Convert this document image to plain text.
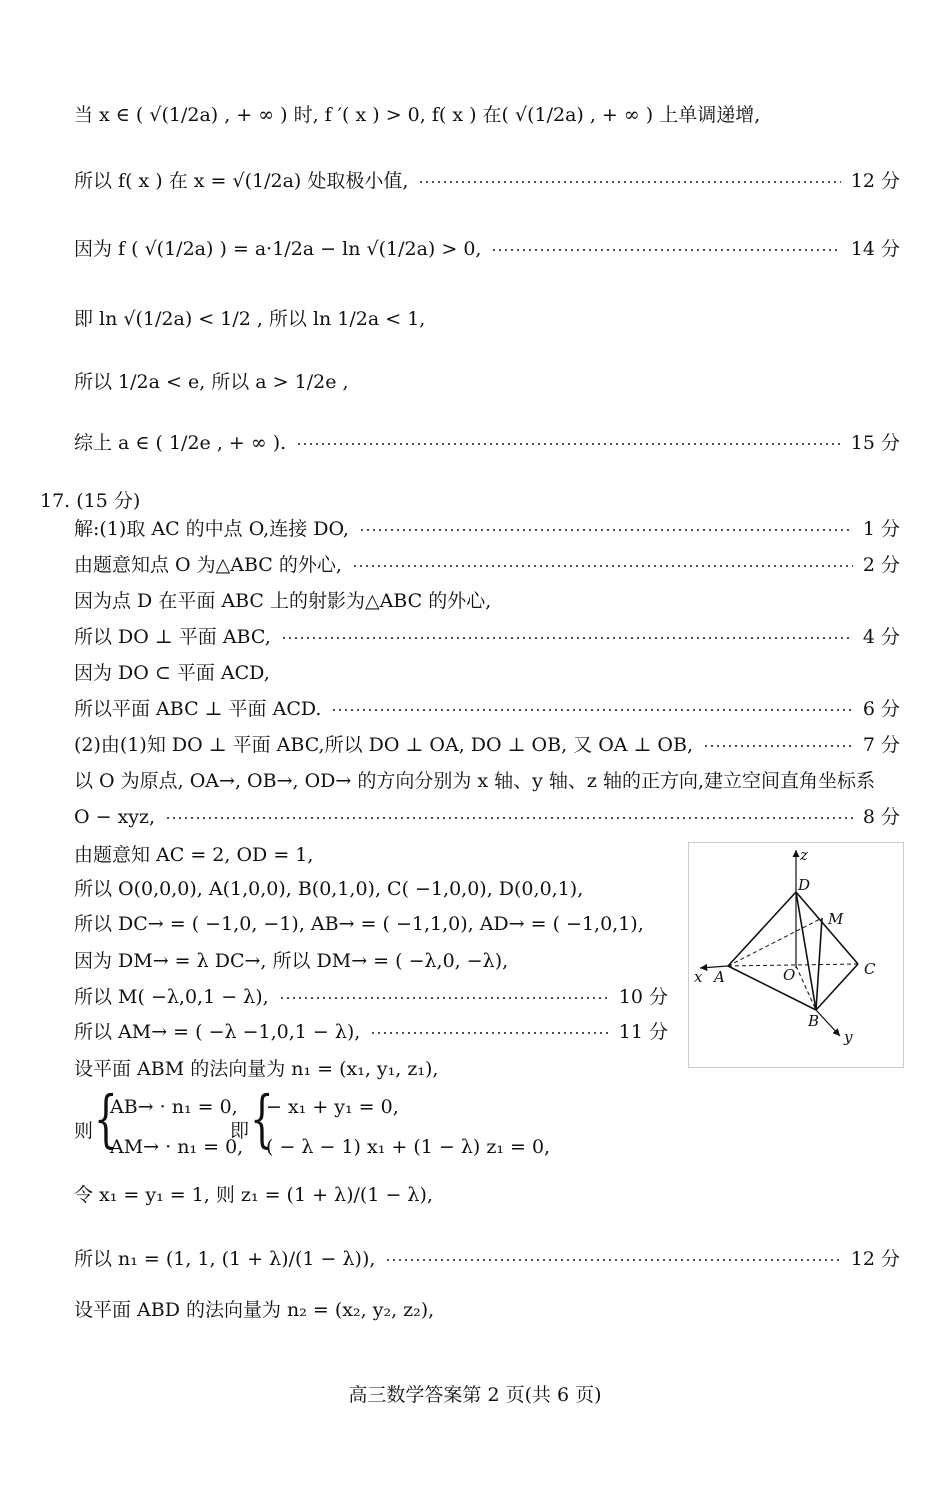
当 x ∈ ( √(1/2a) , + ∞ ) 时, f ′( x ) > 0, f( x ) 在( √(1/2a) , + ∞ ) 上单调递增,
所以 f( x ) 在 x = √(1/2a) 处取极小值,	12 分
因为 f ( √(1/2a) ) = a·1/2a − ln √(1/2a) > 0,	14 分
即 ln √(1/2a) < 1/2 , 所以 ln 1/2a < 1,
所以 1/2a < e, 所以 a > 1/2e ,
综上 a ∈ ( 1/2e , + ∞ ).	15 分
17. (15 分)
解:(1)取 AC 的中点 O,连接 DO,	1 分
由题意知点 O 为△ABC 的外心,	2 分
因为点 D 在平面 ABC 上的射影为△ABC 的外心,
所以 DO ⊥ 平面 ABC,	4 分
因为 DO ⊂ 平面 ACD,
所以平面 ABC ⊥ 平面 ACD.	6 分
(2)由(1)知 DO ⊥ 平面 ABC,所以 DO ⊥ OA, DO ⊥ OB, 又 OA ⊥ OB,	7 分
以 O 为原点, OA→, OB→, OD→ 的方向分别为 x 轴、y 轴、z 轴的正方向,建立空间直角坐标系
O − xyz,	8 分
由题意知 AC = 2, OD = 1,
所以 O(0,0,0), A(1,0,0), B(0,1,0), C( −1,0,0), D(0,0,1),
所以 DC→ = ( −1,0, −1), AB→ = ( −1,1,0), AD→ = ( −1,0,1),
因为 DM→ = λ DC→, 所以 DM→ = ( −λ,0, −λ),
所以 M( −λ,0,1 − λ),	10 分
所以 AM→ = ( −λ −1,0,1 − λ),	11 分
设平面 ABM 的法向量为 n₁ = (x₁, y₁, z₁),
则 {
AB→ · n₁ = 0,
AM→ · n₁ = 0,
即 {
− x₁ + y₁ = 0,
( − λ − 1) x₁ + (1 − λ) z₁ = 0,
令 x₁ = y₁ = 1, 则 z₁ = (1 + λ)/(1 − λ),
所以 n₁ = (1, 1, (1 + λ)/(1 − λ)),	12 分
设平面 ABD 的法向量为 n₂ = (x₂, y₂, z₂),
z
D
M
x A	O	C
B
y
高三数学答案第 2 页(共 6 页)
